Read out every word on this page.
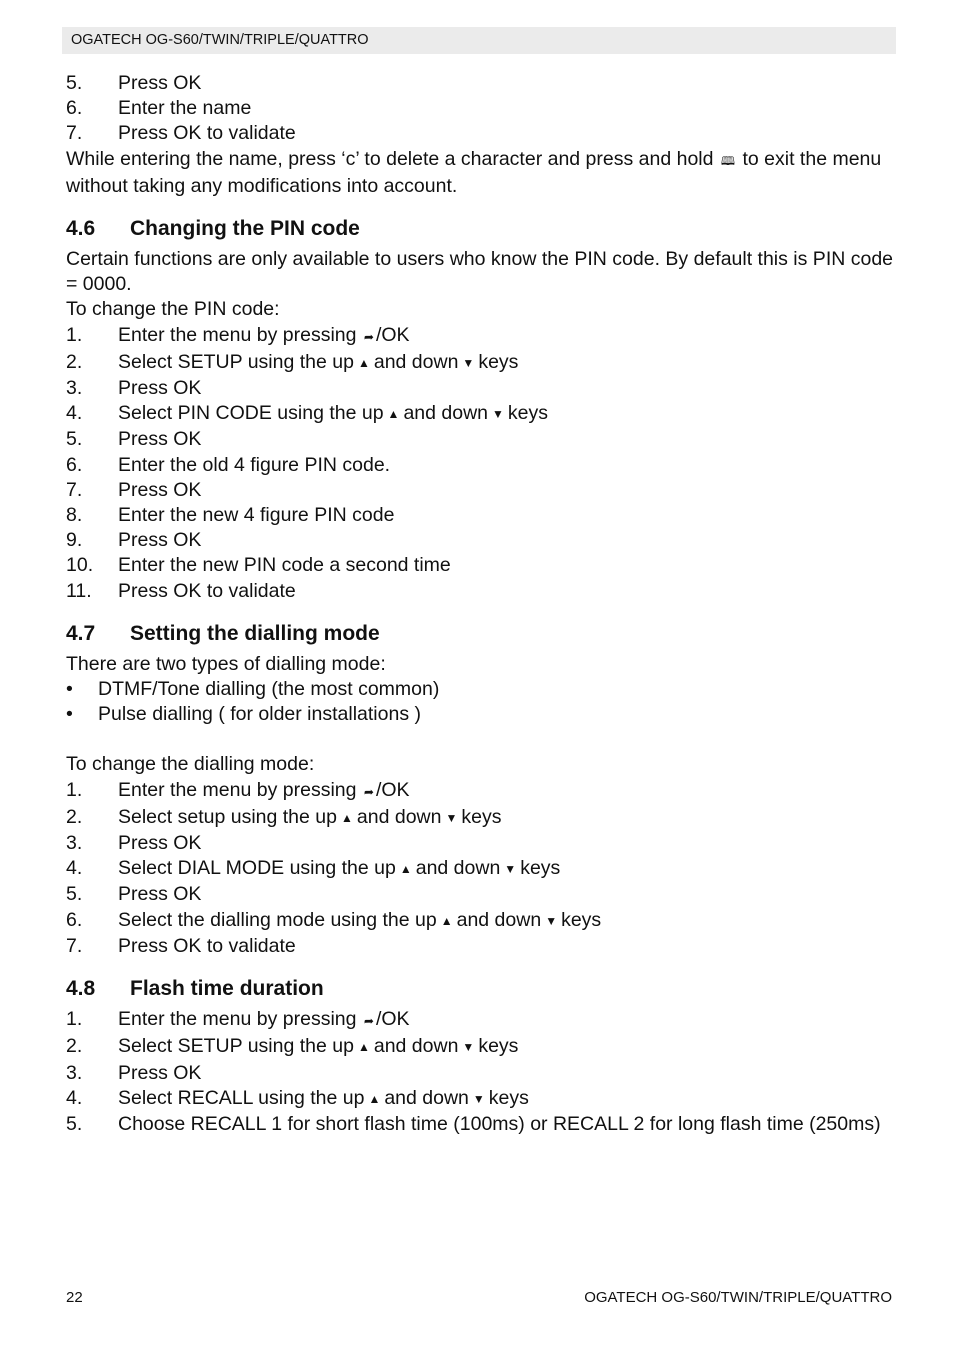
OGATECH OG-S60/TWIN/TRIPLE/QUATTRO
5. Press OK
6. Enter the name
7. Press OK to validate

While entering the name, press ‘c’ to delete a character and press and hold 🕮 to exit the menu without taking any modifications into account.

4.6 Changing the PIN code

Certain functions are only available to users who know the PIN code. By default this is PIN code = 0000.

To change the PIN code:

1. Enter the menu by pressing ➦ /OK
2. Select SETUP using the up ▲ and down ▼ keys
3. Press OK
4. Select PIN CODE using the up ▲ and down ▼ keys
5. Press OK
6. Enter the old 4 figure PIN code.
7. Press OK
8. Enter the new 4 figure PIN code
9. Press OK
10. Enter the new PIN code a second time
11. Press OK to validate
4.7 Setting the dialling mode

There are two types of dialling mode:

• DTMF/Tone dialling (the most common)
• Pulse dialling ( for older installations )

To change the dialling mode:

1. Enter the menu by pressing ➦ /OK
2. Select setup using the up ▲ and down ▼ keys
3. Press OK
4. Select DIAL MODE using the up ▲ and down ▼ keys
5. Press OK
6. Select the dialling mode using the up ▲ and down ▼ keys
7. Press OK to validate
4.8 Flash time duration
1. Enter the menu by pressing ➦ /OK
2. Select SETUP using the up ▲ and down ▼ keys
3. Press OK
4. Select RECALL using the up ▲ and down ▼ keys
5. Choose RECALL 1 for short flash time (100ms) or RECALL 2 for long flash time (250ms)
22	OGATECH OG-S60/TWIN/TRIPLE/QUATTRO
